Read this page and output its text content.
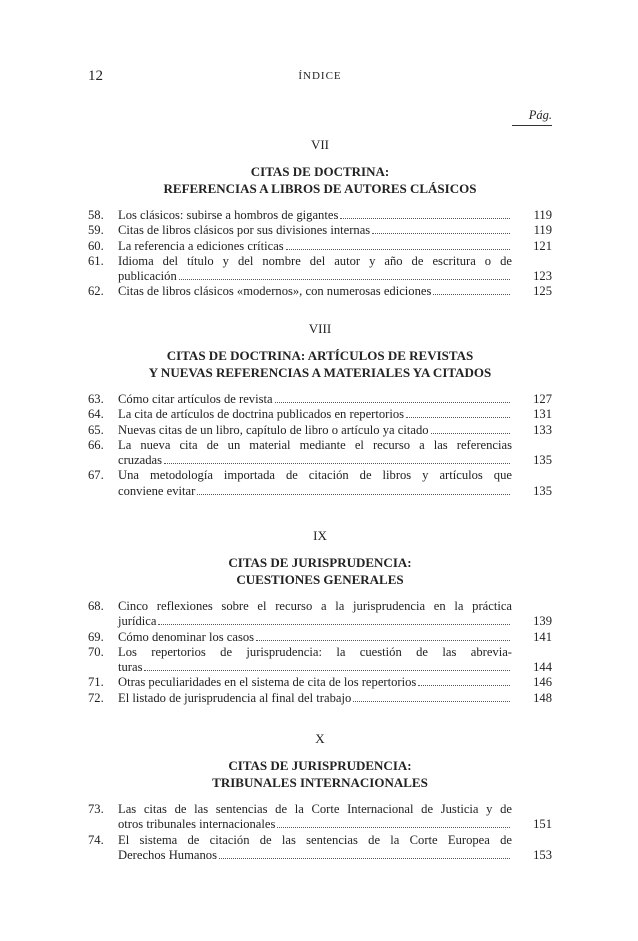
12	ÍNDICE
Pág.
VII
CITAS DE DOCTRINA:
REFERENCIAS A LIBROS DE AUTORES CLÁSICOS
58.	Los clásicos: subirse a hombros de gigantes	119
59.	Citas de libros clásicos por sus divisiones internas	119
60.	La referencia a ediciones críticas	121
61.	Idioma del título y del nombre del autor y año de escritura o de
publicación
	123
62.	Citas de libros clásicos «modernos», con numerosas ediciones	125
VIII
CITAS DE DOCTRINA: ARTÍCULOS DE REVISTAS
Y NUEVAS REFERENCIAS A MATERIALES YA CITADOS
63.	Cómo citar artículos de revista	127
64.	La cita de artículos de doctrina publicados en repertorios	131
65.	Nuevas citas de un libro, capítulo de libro o artículo ya citado	133
66.	La nueva cita de un material mediante el recurso a las referencias
cruzadas
	135
67.	Una metodología importada de citación de libros y artículos que
conviene evitar
	135
IX
CITAS DE JURISPRUDENCIA:
CUESTIONES GENERALES
68.	Cinco reflexiones sobre el recurso a la jurisprudencia en la práctica
jurídica
	139
69.	Cómo denominar los casos	141
70.	Los repertorios de jurisprudencia: la cuestión de las abrevia-
turas
	144
71.	Otras peculiaridades en el sistema de cita de los repertorios	146
72.	El listado de jurisprudencia al final del trabajo	148
X
CITAS DE JURISPRUDENCIA:
TRIBUNALES INTERNACIONALES
73.	Las citas de las sentencias de la Corte Internacional de Justicia y de
otros tribunales internacionales
	151
74.	El sistema de citación de las sentencias de la Corte Europea de
Derechos Humanos
	153
